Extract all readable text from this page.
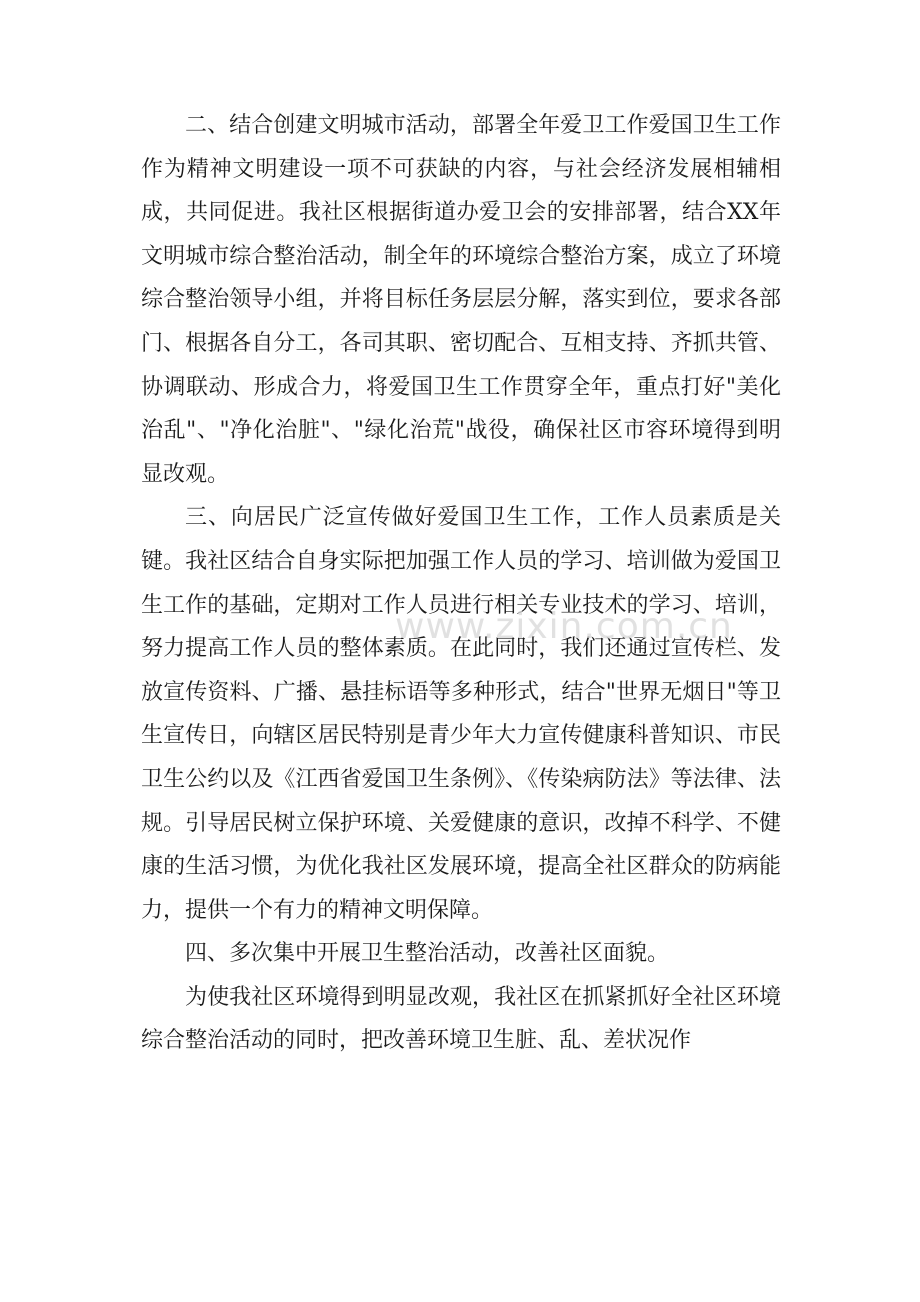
二、结合创建文明城市活动，部署全年爱卫工作爱国卫生工作作为精神文明建设一项不可获缺的内容，与社会经济发展相辅相成，共同促进。我社区根据街道办爱卫会的安排部署，结合XX年文明城市综合整治活动，制全年的环境综合整治方案，成立了环境综合整治领导小组，并将目标任务层层分解，落实到位，要求各部门、根据各自分工，各司其职、密切配合、互相支持、齐抓共管、协调联动、形成合力，将爱国卫生工作贯穿全年，重点打好"美化治乱"、"净化治脏"、"绿化治荒"战役，确保社区市容环境得到明显改观。

三、向居民广泛宣传做好爱国卫生工作，工作人员素质是关键。我社区结合自身实际把加强工作人员的学习、培训做为爱国卫生工作的基础，定期对工作人员进行相关专业技术的学习、培训，努力提高工作人员的整体素质。在此同时，我们还通过宣传栏、发放宣传资料、广播、悬挂标语等多种形式，结合"世界无烟日"等卫生宣传日，向辖区居民特别是青少年大力宣传健康科普知识、市民卫生公约以及《江西省爱国卫生条例》、《传染病防法》等法律、法规。引导居民树立保护环境、关爱健康的意识，改掉不科学、不健康的生活习惯，为优化我社区发展环境，提高全社区群众的防病能力，提供一个有力的精神文明保障。

四、多次集中开展卫生整治活动，改善社区面貌。

为使我社区环境得到明显改观，我社区在抓紧抓好全社区环境综合整治活动的同时，把改善环境卫生脏、乱、差状况作

www.zixin.com.cn
